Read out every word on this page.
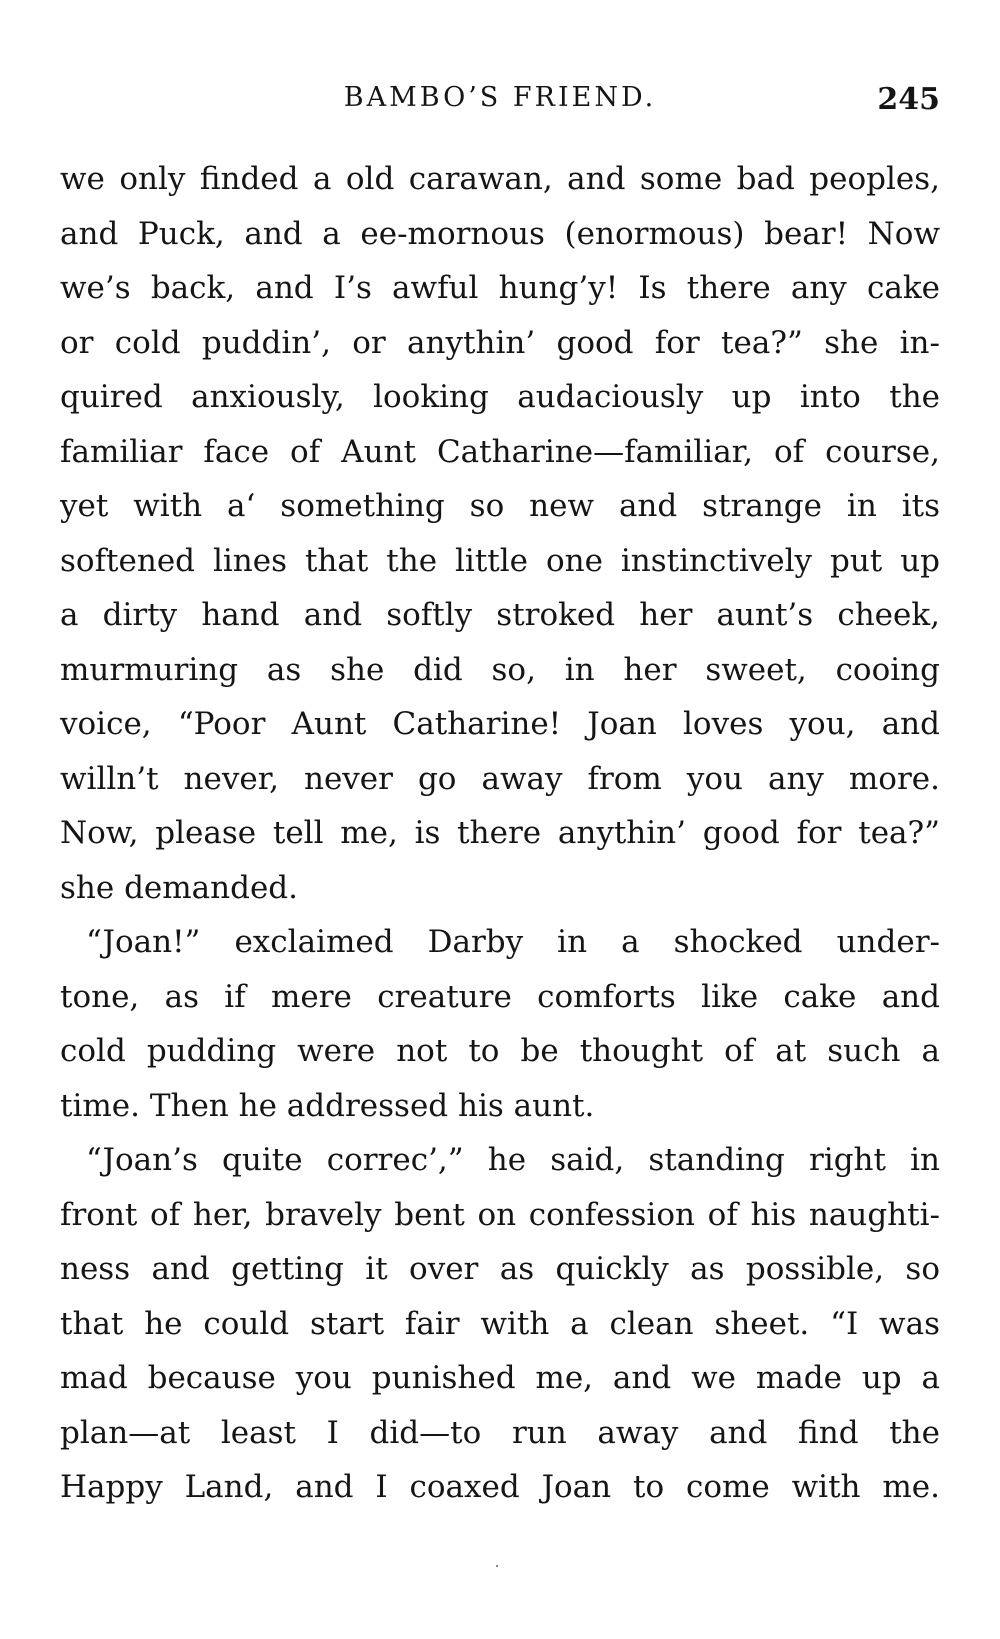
BAMBO’S FRIEND.	245
we only finded a old carawan, and some bad peoples,
and Puck, and a ee-mornous (enormous) bear! Now
we’s back, and I’s awful hung’y! Is there any cake
or cold puddin’, or anythin’ good for tea?” she in-
quired anxiously, looking audaciously up into the
familiar face of Aunt Catharine—familiar, of course,
yet with a‘ something so new and strange in its
softened lines that the little one instinctively put up
a dirty hand and softly stroked her aunt’s cheek,
murmuring as she did so, in her sweet, cooing
voice, “Poor Aunt Catharine! Joan loves you, and
willn’t never, never go away from you any more.
Now, please tell me, is there anythin’ good for tea?”
she demanded.
“Joan!” exclaimed Darby in a shocked under-
tone, as if mere creature comforts like cake and
cold pudding were not to be thought of at such a
time. Then he addressed his aunt.
“Joan’s quite correc’,” he said, standing right in
front of her, bravely bent on confession of his naughti-
ness and getting it over as quickly as possible, so
that he could start fair with a clean sheet. “I was
mad because you punished me, and we made up a
plan—at least I did—to run away and find the
Happy Land, and I coaxed Joan to come with me.
